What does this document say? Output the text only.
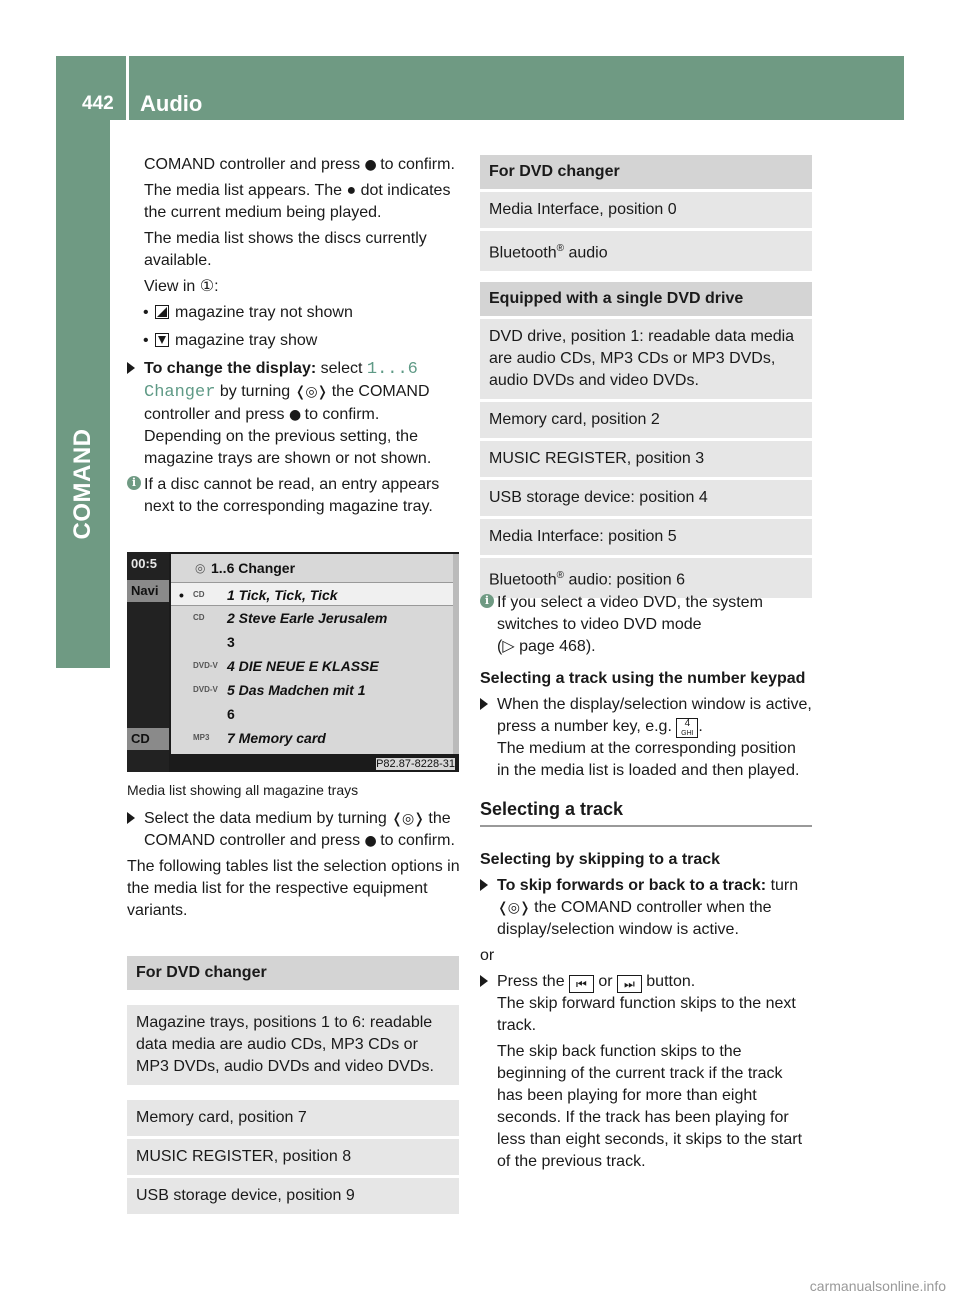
442 Audio
COMAND
COMAND controller and press ● to confirm.
The media list appears. The ● dot indicates the current medium being played.
The media list shows the discs currently available.
View in ①:
• magazine tray not shown
• magazine tray show
To change the display: select 1...6
Changer by turning ❬◎❭ the COMAND controller and press ● to confirm.
Depending on the previous setting, the magazine trays are shown or not shown.
i If a disc cannot be read, an entry appears next to the corresponding magazine tray.
00:5
Navi
CD
◎ 1..6 Changer
• CD 1 Tick, Tick, Tick
CD 2 Steve Earle Jerusalem
3
DVD-V 4 DIE NEUE E KLASSE
DVD-V 5 Das Madchen mit 1
6
MP3 7 Memory card
P82.87-8228-31
Media list showing all magazine trays
Select the data medium by turning ❬◎❭ the COMAND controller and press ● to confirm.
The following tables list the selection options in the media list for the respective equipment variants.
For DVD changer
Magazine trays, positions 1 to 6: readable data media are audio CDs, MP3 CDs or MP3 DVDs, audio DVDs and video DVDs.
Memory card, position 7
MUSIC REGISTER, position 8
USB storage device, position 9
For DVD changer
Media Interface, position 0
Bluetooth® audio
Equipped with a single DVD drive
DVD drive, position 1: readable data media are audio CDs, MP3 CDs or MP3 DVDs, audio DVDs and video DVDs.
Memory card, position 2
MUSIC REGISTER, position 3
USB storage device: position 4
Media Interface: position 5
Bluetooth® audio: position 6
i If you select a video DVD, the system switches to video DVD mode
(▷ page 468).
Selecting a track using the number keypad
When the display/selection window is active, press a number key, e.g. 4
GHI .
The medium at the corresponding position in the media list is loaded and then played.
Selecting a track
Selecting by skipping to a track
To skip forwards or back to a track: turn ❬◎❭ the COMAND controller when the display/selection window is active.
or
Press the ⏮ or ⏭ button.
The skip forward function skips to the next track.
The skip back function skips to the beginning of the current track if the track has been playing for more than eight seconds. If the track has been playing for less than eight seconds, it skips to the start of the previous track.
carmanualsonline.info
